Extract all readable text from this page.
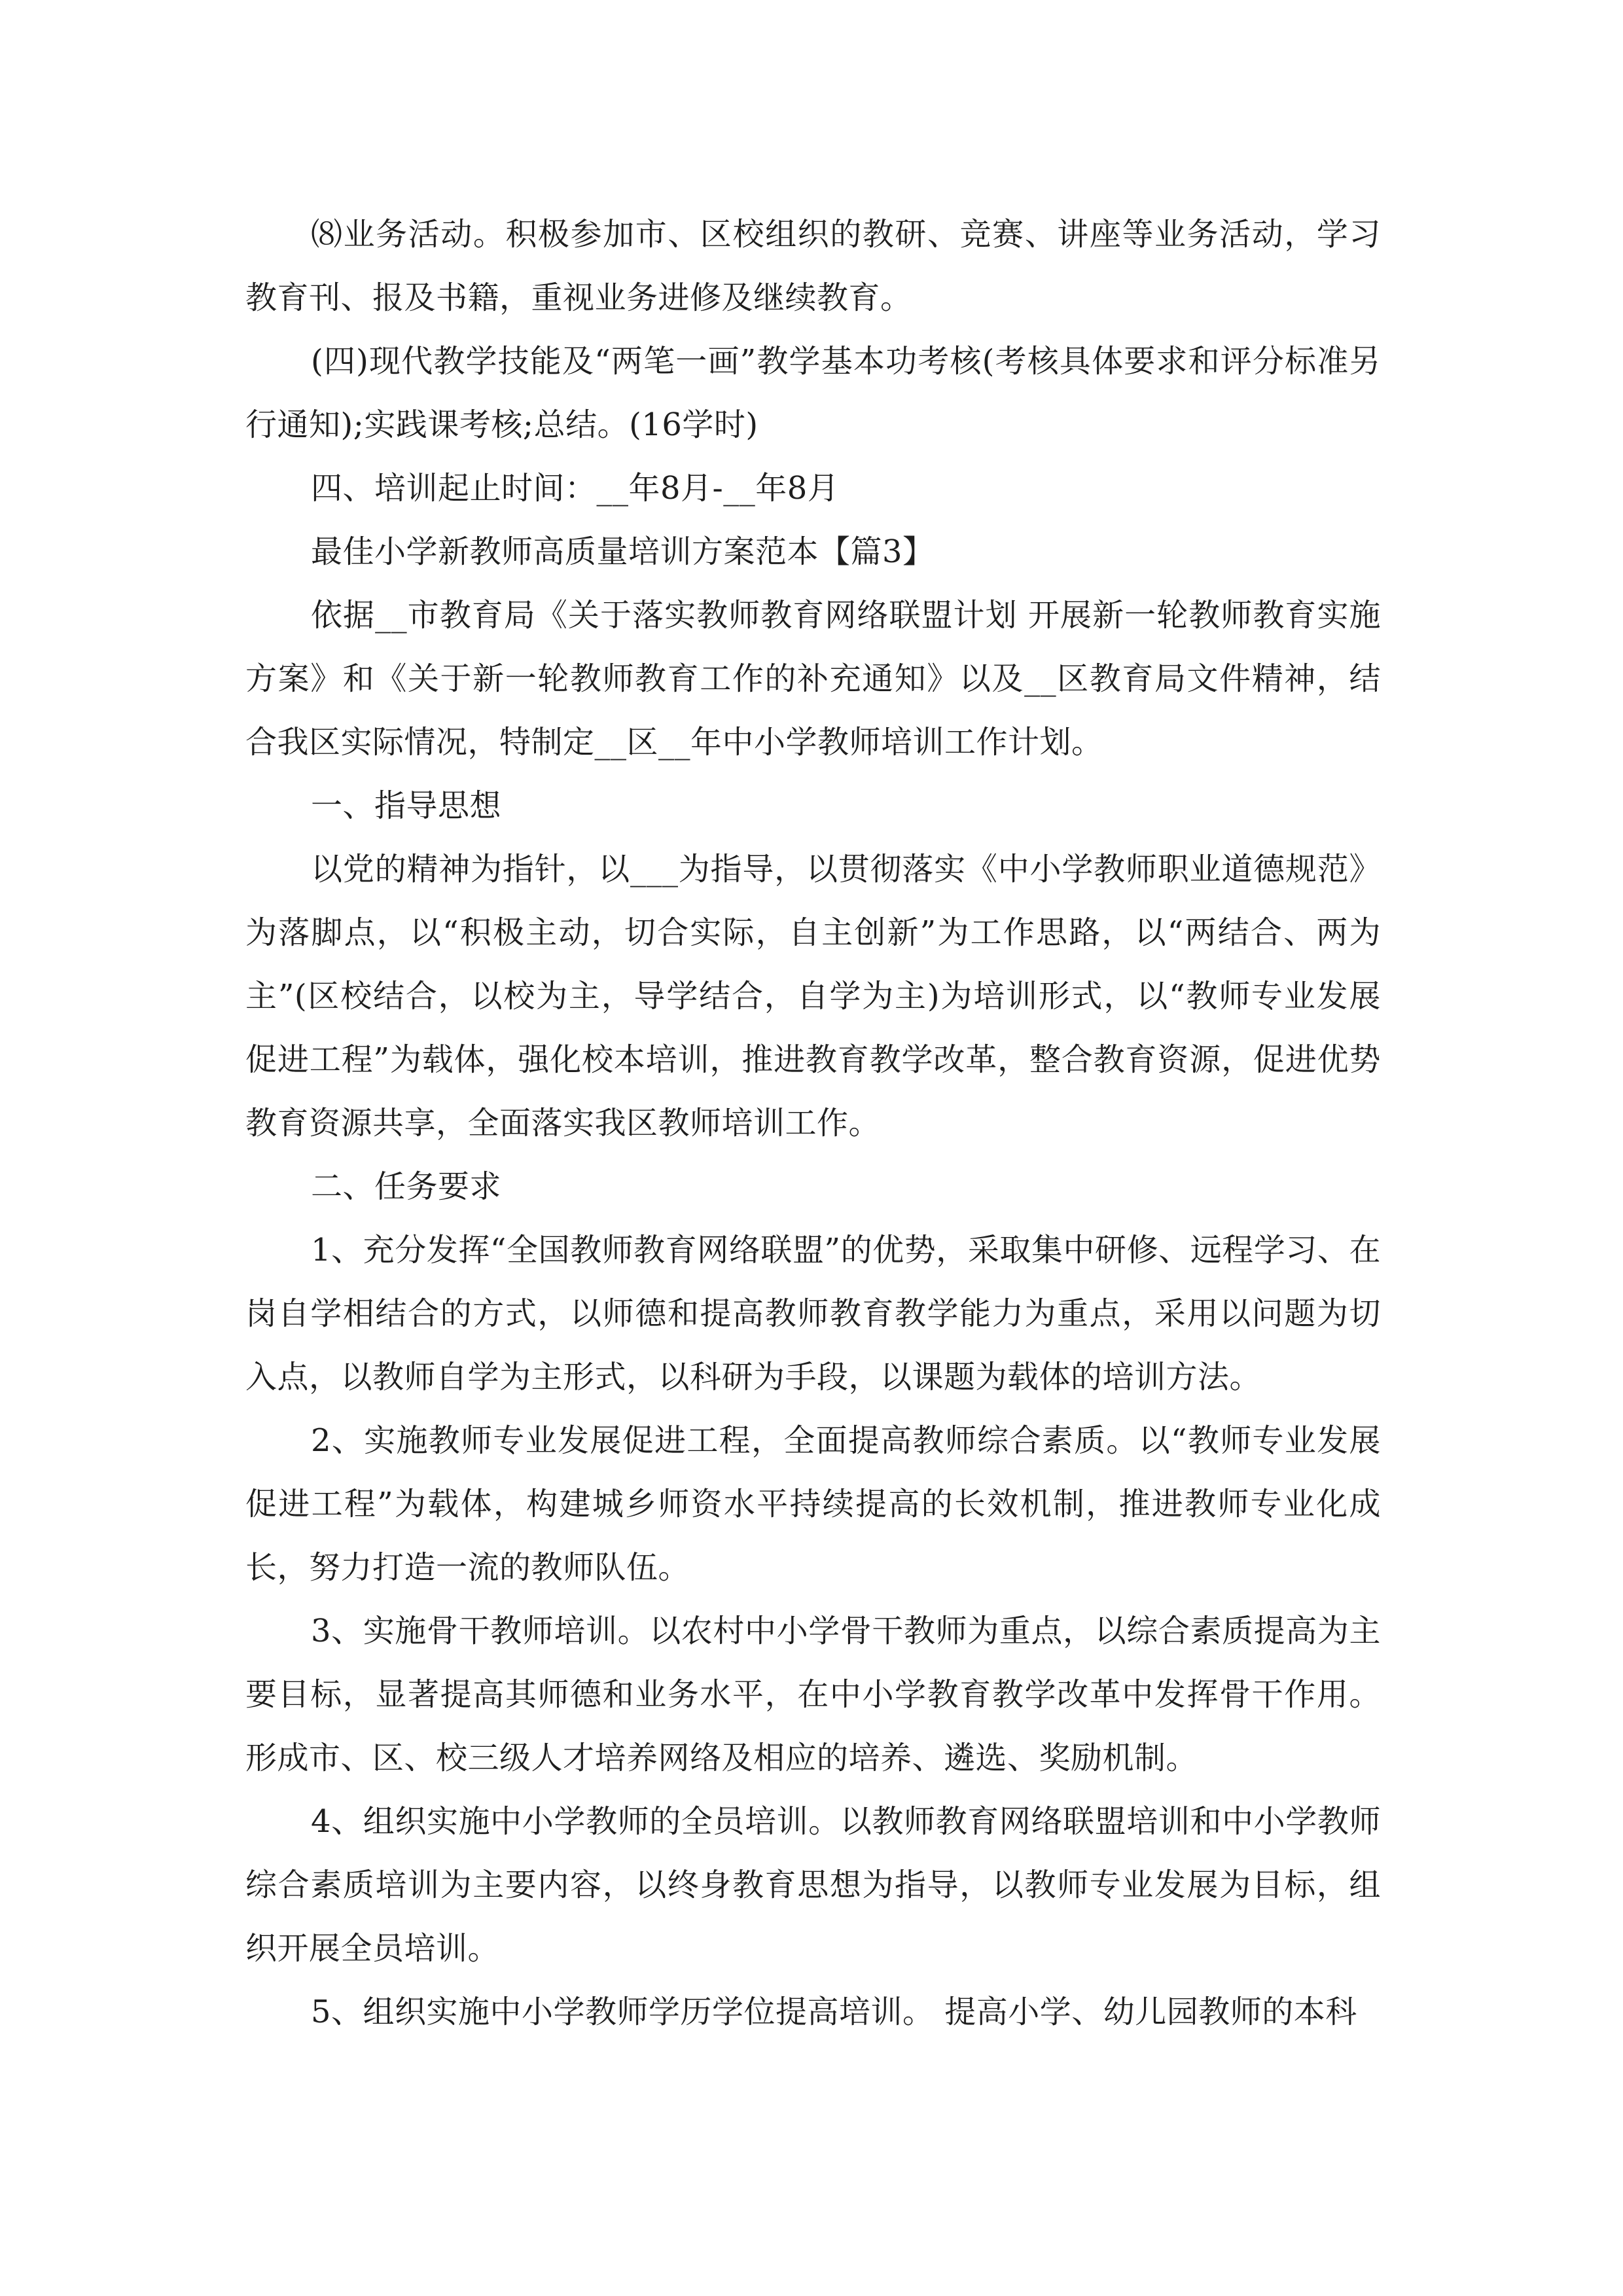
⑻业务活动。积极参加市、区校组织的教研、竞赛、讲座等业务活动，学习教育刊、报及书籍，重视业务进修及继续教育。

(四)现代教学技能及“两笔一画”教学基本功考核(考核具体要求和评分标准另行通知);实践课考核;总结。(16学时)

四、培训起止时间：__年8月-__年8月

最佳小学新教师高质量培训方案范本【篇3】

依据__市教育局《关于落实教师教育网络联盟计划 开展新一轮教师教育实施方案》和《关于新一轮教师教育工作的补充通知》以及__区教育局文件精神，结合我区实际情况，特制定__区__年中小学教师培训工作计划。

一、指导思想

以党的精神为指针，以___为指导，以贯彻落实《中小学教师职业道德规范》为落脚点，以“积极主动，切合实际，自主创新”为工作思路，以“两结合、两为主”(区校结合，以校为主，导学结合，自学为主)为培训形式，以“教师专业发展促进工程”为载体，强化校本培训，推进教育教学改革，整合教育资源，促进优势教育资源共享，全面落实我区教师培训工作。

二、任务要求

1、充分发挥“全国教师教育网络联盟”的优势，采取集中研修、远程学习、在岗自学相结合的方式，以师德和提高教师教育教学能力为重点，采用以问题为切入点，以教师自学为主形式，以科研为手段，以课题为载体的培训方法。

2、实施教师专业发展促进工程，全面提高教师综合素质。以“教师专业发展促进工程”为载体，构建城乡师资水平持续提高的长效机制，推进教师专业化成长，努力打造一流的教师队伍。

3、实施骨干教师培训。以农村中小学骨干教师为重点，以综合素质提高为主要目标，显著提高其师德和业务水平，在中小学教育教学改革中发挥骨干作用。形成市、区、校三级人才培养网络及相应的培养、遴选、奖励机制。

4、组织实施中小学教师的全员培训。以教师教育网络联盟培训和中小学教师综合素质培训为主要内容，以终身教育思想为指导，以教师专业发展为目标，组织开展全员培训。

5、组织实施中小学教师学历学位提高培训。 提高小学、幼儿园教师的本科
